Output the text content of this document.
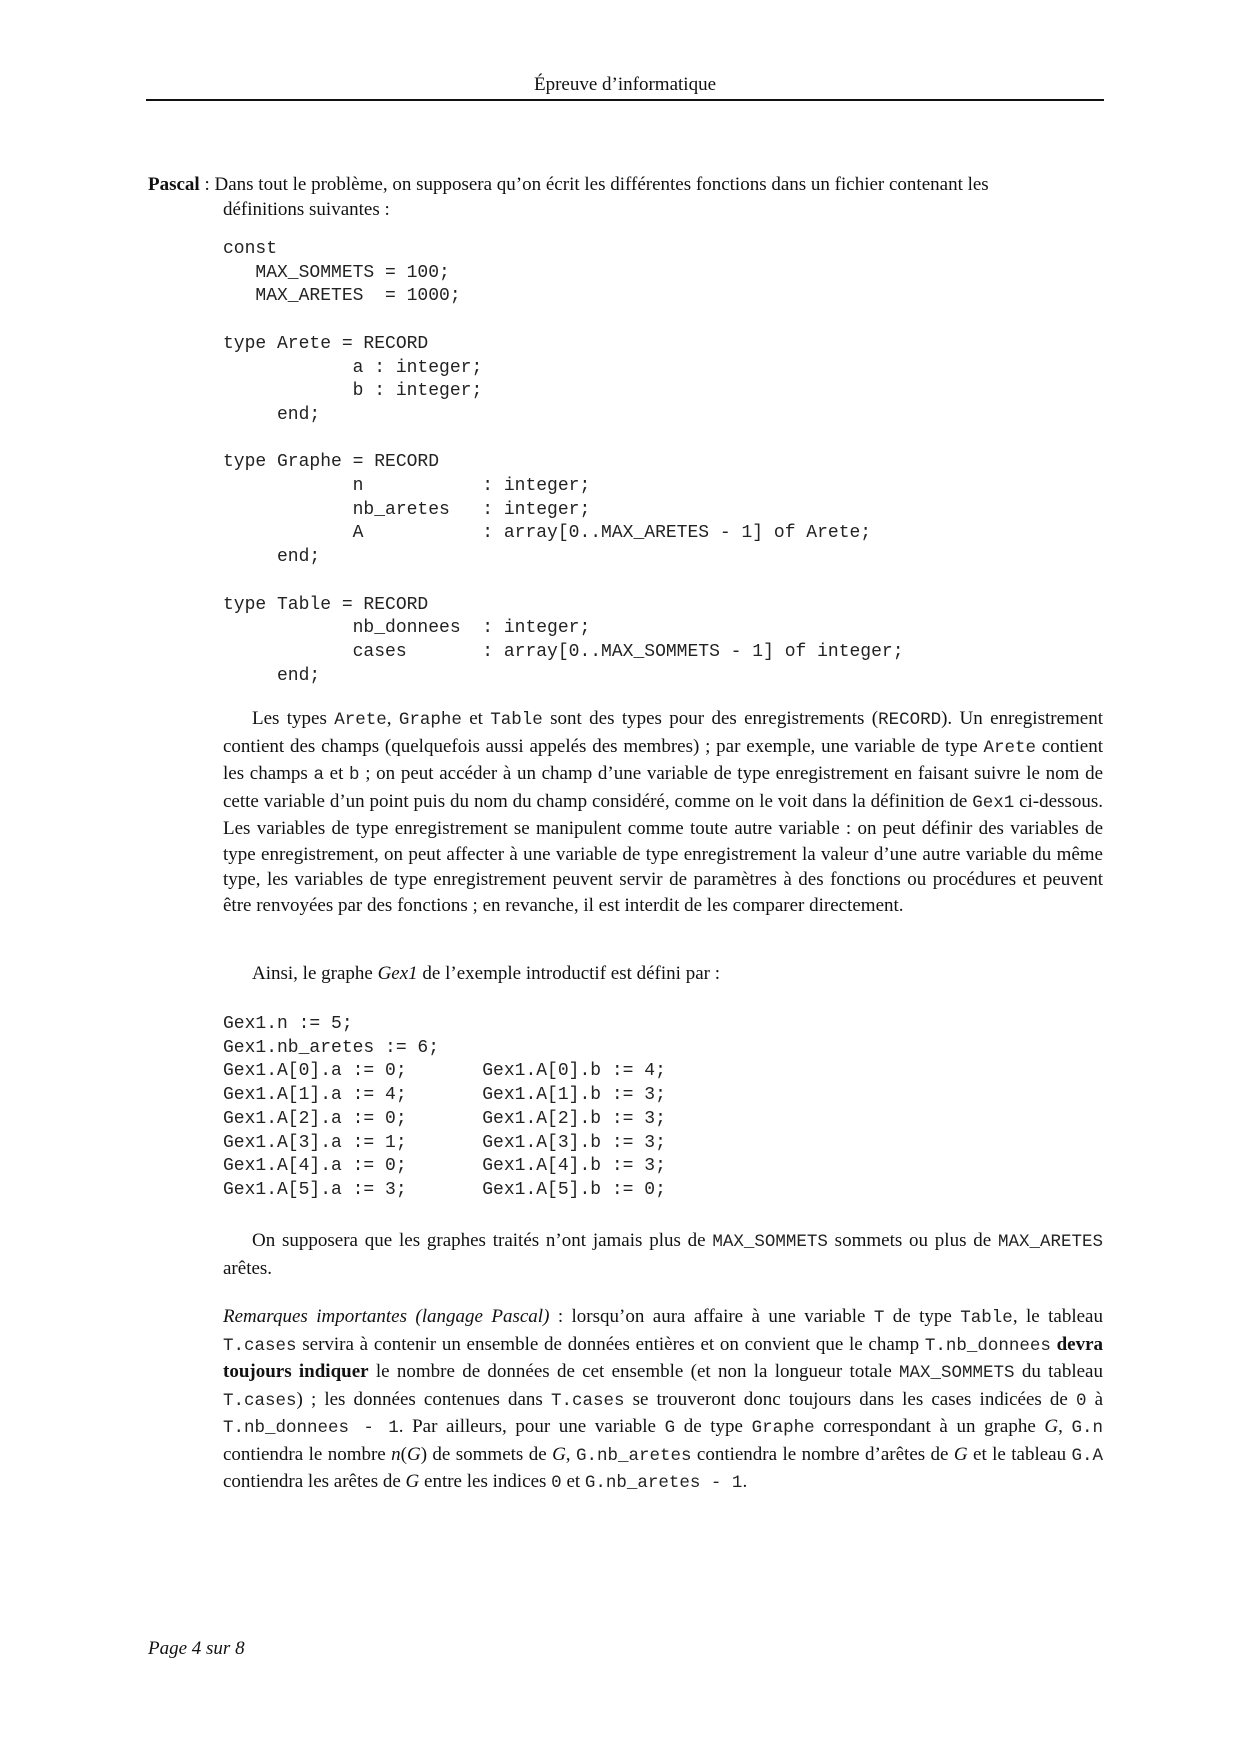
Épreuve d’informatique
Pascal : Dans tout le problème, on supposera qu’on écrit les différentes fonctions dans un fichier contenant les
définitions suivantes :
const
MAX_SOMMETS = 100;
MAX_ARETES  = 1000;

type Arete = RECORD
a : integer;
b : integer;
end;

type Graphe = RECORD
n           : integer;
nb_aretes   : integer;
A           : array[0..MAX_ARETES - 1] of Arete;
end;

type Table = RECORD
nb_donnees  : integer;
cases       : array[0..MAX_SOMMETS - 1] of integer;
end;

Les types Arete, Graphe et Table sont des types pour des enregistrements (RECORD). Un enregistrement contient des champs (quelquefois aussi appelés des membres) ; par exemple, une variable de type Arete contient les champs a et b ; on peut accéder à un champ d’une variable de type enregistrement en faisant suivre le nom de cette variable d’un point puis du nom du champ considéré, comme on le voit dans la définition de Gex1 ci-dessous. Les variables de type enregistrement se manipulent comme toute autre variable : on peut définir des variables de type enregistrement, on peut affecter à une variable de type enregistrement la valeur d’une autre variable du même type, les variables de type enregistrement peuvent servir de paramètres à des fonctions ou procédures et peuvent être renvoyées par des fonctions ; en revanche, il est interdit de les comparer directement.

Ainsi, le graphe Gex1 de l’exemple introductif est défini par :

Gex1.n := 5;
Gex1.nb_aretes := 6;
Gex1.A[0].a := 0;       Gex1.A[0].b := 4;
Gex1.A[1].a := 4;       Gex1.A[1].b := 3;
Gex1.A[2].a := 0;       Gex1.A[2].b := 3;
Gex1.A[3].a := 1;       Gex1.A[3].b := 3;
Gex1.A[4].a := 0;       Gex1.A[4].b := 3;
Gex1.A[5].a := 3;       Gex1.A[5].b := 0;

On supposera que les graphes traités n’ont jamais plus de MAX_SOMMETS sommets ou plus de MAX_ARETES arêtes.

Remarques importantes (langage Pascal) : lorsqu’on aura affaire à une variable T de type Table, le tableau T.cases servira à contenir un ensemble de données entières et on convient que le champ T.nb_donnees devra toujours indiquer le nombre de données de cet ensemble (et non la longueur totale MAX_SOMMETS du tableau T.cases) ; les données contenues dans T.cases se trouveront donc toujours dans les cases indicées de 0 à T.nb_donnees - 1. Par ailleurs, pour une variable G de type Graphe correspondant à un graphe G, G.n contiendra le nombre n(G) de sommets de G, G.nb_aretes contiendra le nombre d’arêtes de G et le tableau G.A contiendra les arêtes de G entre les indices 0 et G.nb_aretes - 1.

Page 4 sur 8
